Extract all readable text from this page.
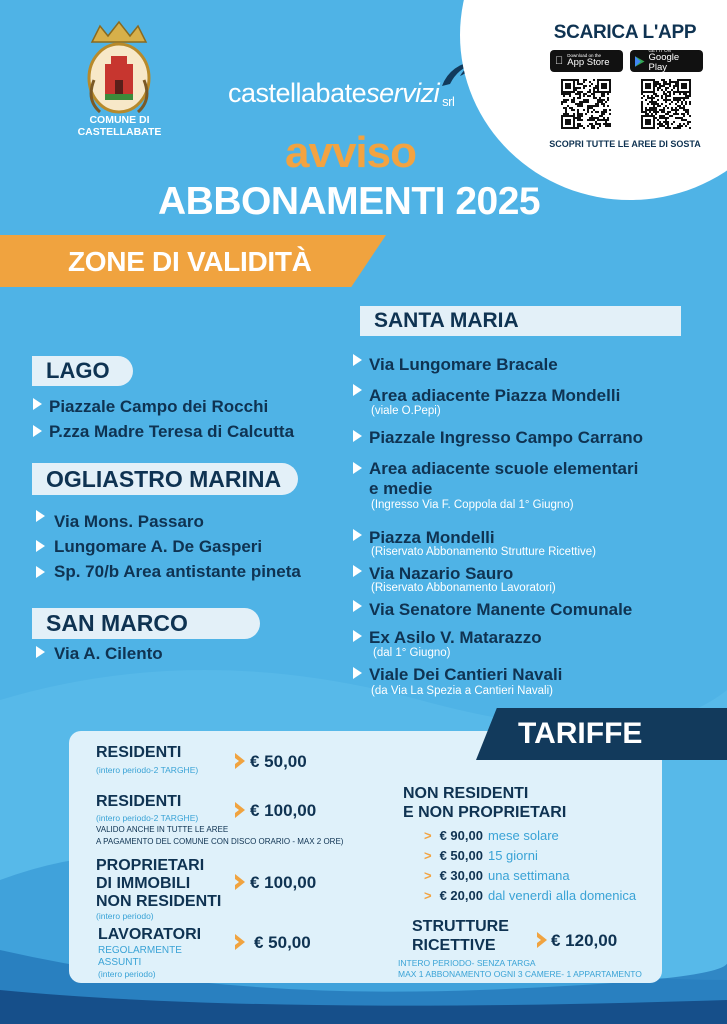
COMUNE DI CASTELLABATE
castellabateservizi srl
SCARICA L'APP
Download on the
App Store
GET IT ON
Google Play
SCOPRI TUTTE LE AREE DI SOSTA
avviso
ABBONAMENTI 2025
ZONE DI VALIDITÀ
LAGO
Piazzale Campo dei Rocchi
P.zza Madre Teresa di Calcutta
OGLIASTRO MARINA
Via Mons. Passaro
Lungomare A. De Gasperi
Sp. 70/b Area antistante pineta
SAN MARCO
Via A. Cilento
SANTA MARIA
Via Lungomare Bracale
Area adiacente Piazza Mondelli
(viale O.Pepi)
Piazzale Ingresso Campo Carrano
Area adiacente scuole elementari
e medie
(Ingresso Via F. Coppola dal 1° Giugno)
Piazza Mondelli
(Riservato Abbonamento Strutture Ricettive)
Via Nazario Sauro
(Riservato Abbonamento Lavoratori)
Via Senatore Manente Comunale
Ex Asilo V. Matarazzo
(dal 1° Giugno)
Viale Dei Cantieri Navali
(da Via La Spezia a Cantieri Navali)
TARIFFE
RESIDENTI
(intero periodo-2 TARGHE)	€ 50,00
RESIDENTI
(intero periodo-2 TARGHE)
VALIDO ANCHE IN TUTTE LE AREE
A PAGAMENTO DEL COMUNE CON DISCO ORARIO - MAX 2 ORE)
€ 100,00
PROPRIETARI
DI IMMOBILI
NON RESIDENTI
(intero periodo)
€ 100,00
LAVORATORI
REGOLARMENTE
ASSUNTI
(intero periodo)
€ 50,00
NON RESIDENTI
E NON PROPRIETARI
> € 90,00 mese solare
> € 50,00 15 giorni
> € 30,00 una settimana
> € 20,00 dal venerdì alla domenica
STRUTTURE
RICETTIVE	€ 120,00
INTERO PERIODO- SENZA TARGA
MAX 1 ABBONAMENTO OGNI 3 CAMERE- 1 APPARTAMENTO
